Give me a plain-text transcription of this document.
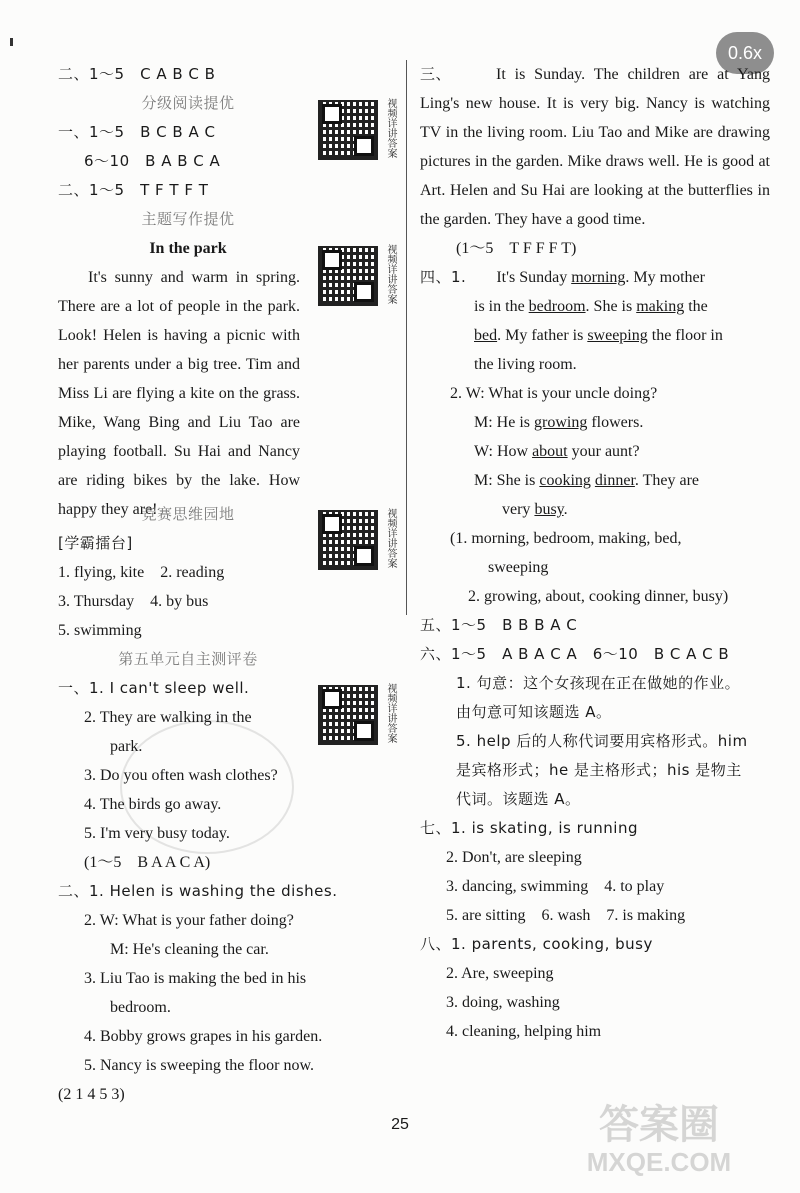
0.6x
视频详讲答案
视频详讲答案
视频详讲答案
视频详讲答案
二、1～5　C A B C B
分级阅读提优
一、1～5　B C B A C
6～10　B A B C A
二、1～5　T F T F T
主题写作提优
In the park
It's sunny and warm in spring. There are a lot of people in the park. Look! Helen is having a picnic with her parents under a big tree. Tim and Miss Li are flying a kite on the grass. Mike, Wang Bing and Liu Tao are playing football. Su Hai and Nancy are riding bikes by the lake. How happy they are!
竞赛思维园地
[学霸擂台]
1. flying, kite　2. reading
3. Thursday　4. by bus
5. swimming
第五单元自主测评卷
一、1. I can't sleep well.
2. They are walking in the
park.
3. Do you often wash clothes?
4. The birds go away.
5. I'm very busy today.
(1～5　B A A C A)
二、1. Helen is washing the dishes.
2. W: What is your father doing?
M: He's cleaning the car.
3. Liu Tao is making the bed in his
bedroom.
4. Bobby grows grapes in his garden.
5. Nancy is sweeping the floor now.
(2 1 4 5 3)
三、	It is Sunday. The children are at Yang Ling's new house. It is very big. Nancy is watching TV in the living room. Liu Tao and Mike are drawing pictures in the garden. Mike draws well. He is good at Art. Helen and Su Hai are looking at the butterflies in the garden. They have a good time.
(1～5　T F F F T)
四、1. It's Sunday morning. My mother
is in the bedroom. She is making the
bed. My father is sweeping the floor in
the living room.
2. W: What is your uncle doing?
M: He is growing flowers.
W: How about your aunt?
M: She is cooking dinner. They are
very busy.
(1. morning, bedroom, making, bed,
sweeping
2. growing, about, cooking dinner, busy)
五、1～5　B B B A C
六、1～5　A B A C A　6～10　B C A C B
1. 句意：这个女孩现在正在做她的作业。
由句意可知该题选 A。
5. help 后的人称代词要用宾格形式。him
是宾格形式；he 是主格形式；his 是物主
代词。该题选 A。
七、1. is skating, is running
2. Don't, are sleeping
3. dancing, swimming　4. to play
5. are sitting　6. wash　7. is making
八、1. parents, cooking, busy
2. Are, sweeping
3. doing, washing
4. cleaning, helping him
25	答案圈
MXQE.COM
